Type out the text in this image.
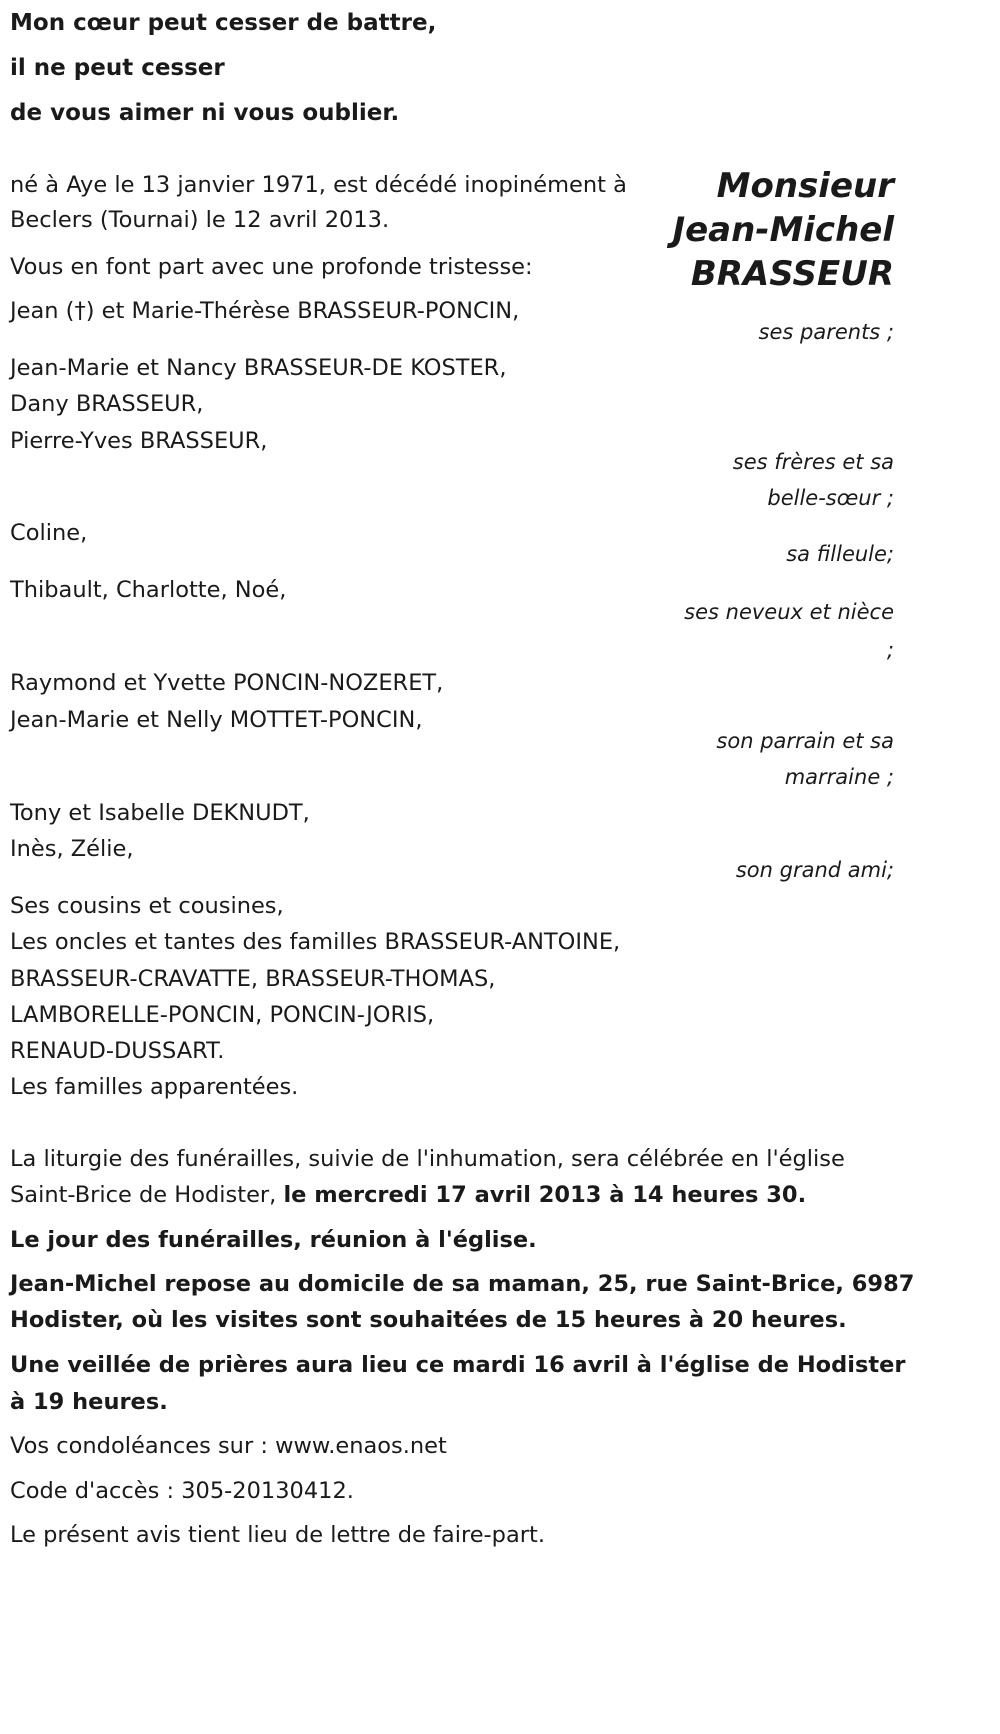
Mon cœur peut cesser de battre,
il ne peut cesser
de vous aimer ni vous oublier.
Monsieur
Jean-Michel
BRASSEUR
né à Aye le 13 janvier 1971, est décédé inopinément à
Beclers (Tournai) le 12 avril 2013.
Vous en font part avec une profonde tristesse:
Jean (†) et Marie-Thérèse BRASSEUR-PONCIN,
ses parents ;
Jean-Marie et Nancy BRASSEUR-DE KOSTER,
Dany BRASSEUR,
Pierre-Yves BRASSEUR,
ses frères et sa
belle-sœur ;
Coline,
sa filleule;
Thibault, Charlotte, Noé,
ses neveux et nièce
;
Raymond et Yvette PONCIN-NOZERET,
Jean-Marie et Nelly MOTTET-PONCIN,
son parrain et sa
marraine ;
Tony et Isabelle DEKNUDT,
Inès, Zélie,
son grand ami;
Ses cousins et cousines,
Les oncles et tantes des familles BRASSEUR-ANTOINE,
BRASSEUR-CRAVATTE, BRASSEUR-THOMAS,
LAMBORELLE-PONCIN, PONCIN-JORIS,
RENAUD-DUSSART.
Les familles apparentées.
La liturgie des funérailles, suivie de l'inhumation, sera célébrée en l'église
Saint-Brice de Hodister, le mercredi 17 avril 2013 à 14 heures 30.
Le jour des funérailles, réunion à l'église.
Jean-Michel repose au domicile de sa maman, 25, rue Saint-Brice, 6987
Hodister, où les visites sont souhaitées de 15 heures à 20 heures.
Une veillée de prières aura lieu ce mardi 16 avril à l'église de Hodister
à 19 heures.
Vos condoléances sur : www.enaos.net
Code d'accès : 305-20130412.
Le présent avis tient lieu de lettre de faire-part.
